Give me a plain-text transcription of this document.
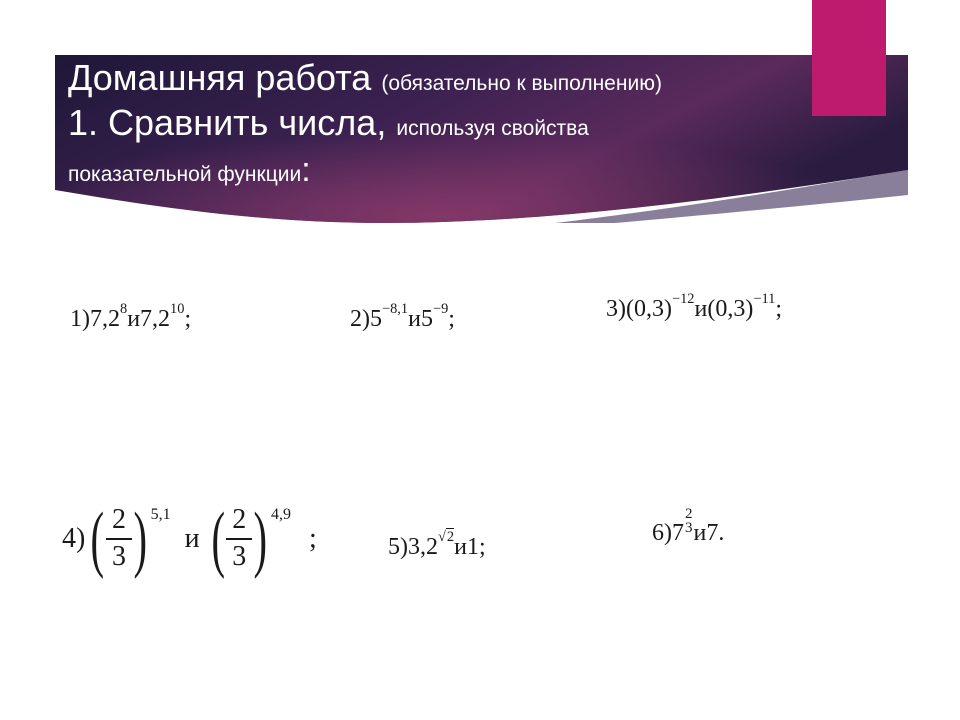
Домашняя работа (обязательно к выполнению)
1. Сравнить числа, используя свойства
показательной функции:
$1)7,2^8и7,2^{10}$;	$2)5^{-8,1}и5^{-9}$;	$3)(0,3)^{-12}и(0,3)^{-11}$;
4) ( $\frac{2}{3}$ ) 5,1
и ( $\frac{2}{3}$ ) 4,9
;	$5)3,2^{√2}и1$;
6) 7
2
3 и 7 .
